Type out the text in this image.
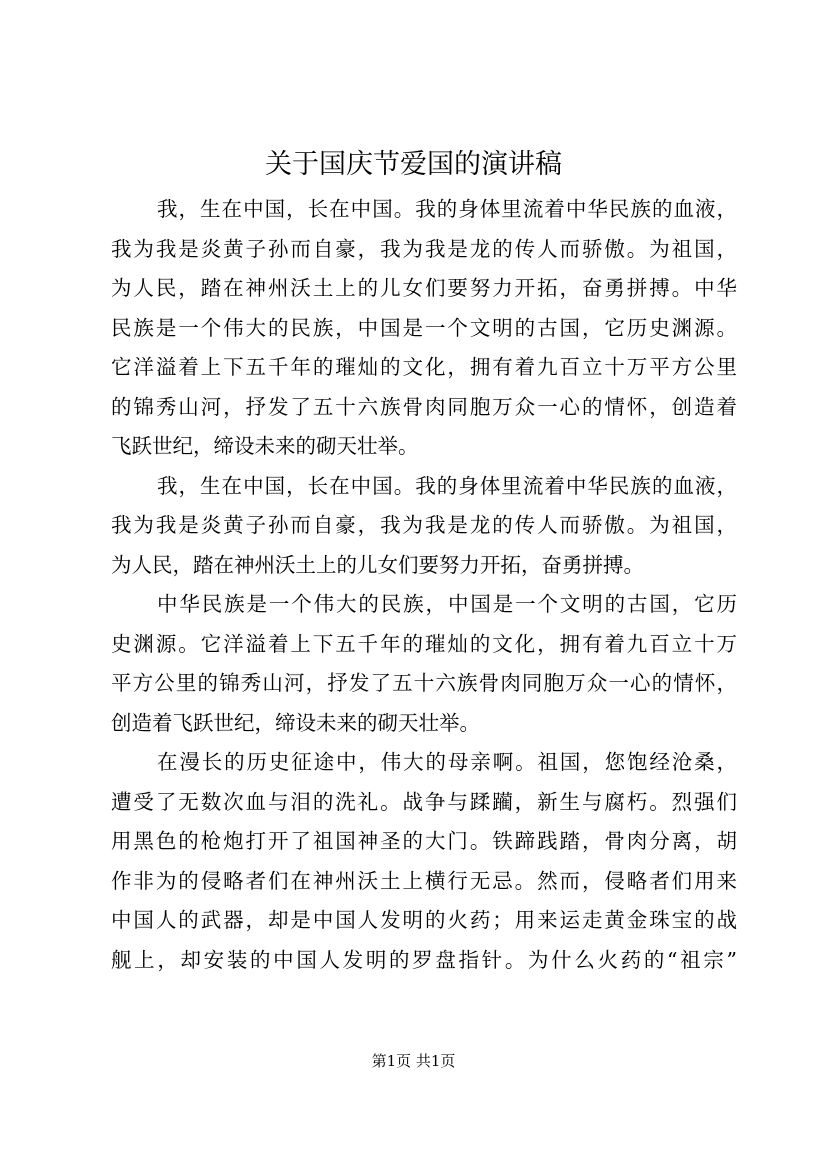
关于国庆节爱国的演讲稿
我，生在中国，长在中国。我的身体里流着中华民族的血液，
我为我是炎黄子孙而自豪，我为我是龙的传人而骄傲。为祖国，
为人民，踏在神州沃土上的儿女们要努力开拓，奋勇拼搏。中华
民族是一个伟大的民族，中国是一个文明的古国，它历史渊源。
它洋溢着上下五千年的璀灿的文化，拥有着九百立十万平方公里
的锦秀山河，抒发了五十六族骨肉同胞万众一心的情怀，创造着
飞跃世纪，缔设未来的砌天壮举。
我，生在中国，长在中国。我的身体里流着中华民族的血液，
我为我是炎黄子孙而自豪，我为我是龙的传人而骄傲。为祖国，
为人民，踏在神州沃土上的儿女们要努力开拓，奋勇拼搏。
中华民族是一个伟大的民族，中国是一个文明的古国，它历
史渊源。它洋溢着上下五千年的璀灿的文化，拥有着九百立十万
平方公里的锦秀山河，抒发了五十六族骨肉同胞万众一心的情怀，
创造着飞跃世纪，缔设未来的砌天壮举。
在漫长的历史征途中，伟大的母亲啊。祖国，您饱经沧桑，
遭受了无数次血与泪的洗礼。战争与蹂躏，新生与腐朽。烈强们
用黑色的枪炮打开了祖国神圣的大门。铁蹄践踏，骨肉分离，胡
作非为的侵略者们在神州沃土上横行无忌。然而，侵略者们用来
中国人的武器，却是中国人发明的火药；用来运走黄金珠宝的战
舰上，却安装的中国人发明的罗盘指针。为什么火药的“祖宗”
第1页 共1页
